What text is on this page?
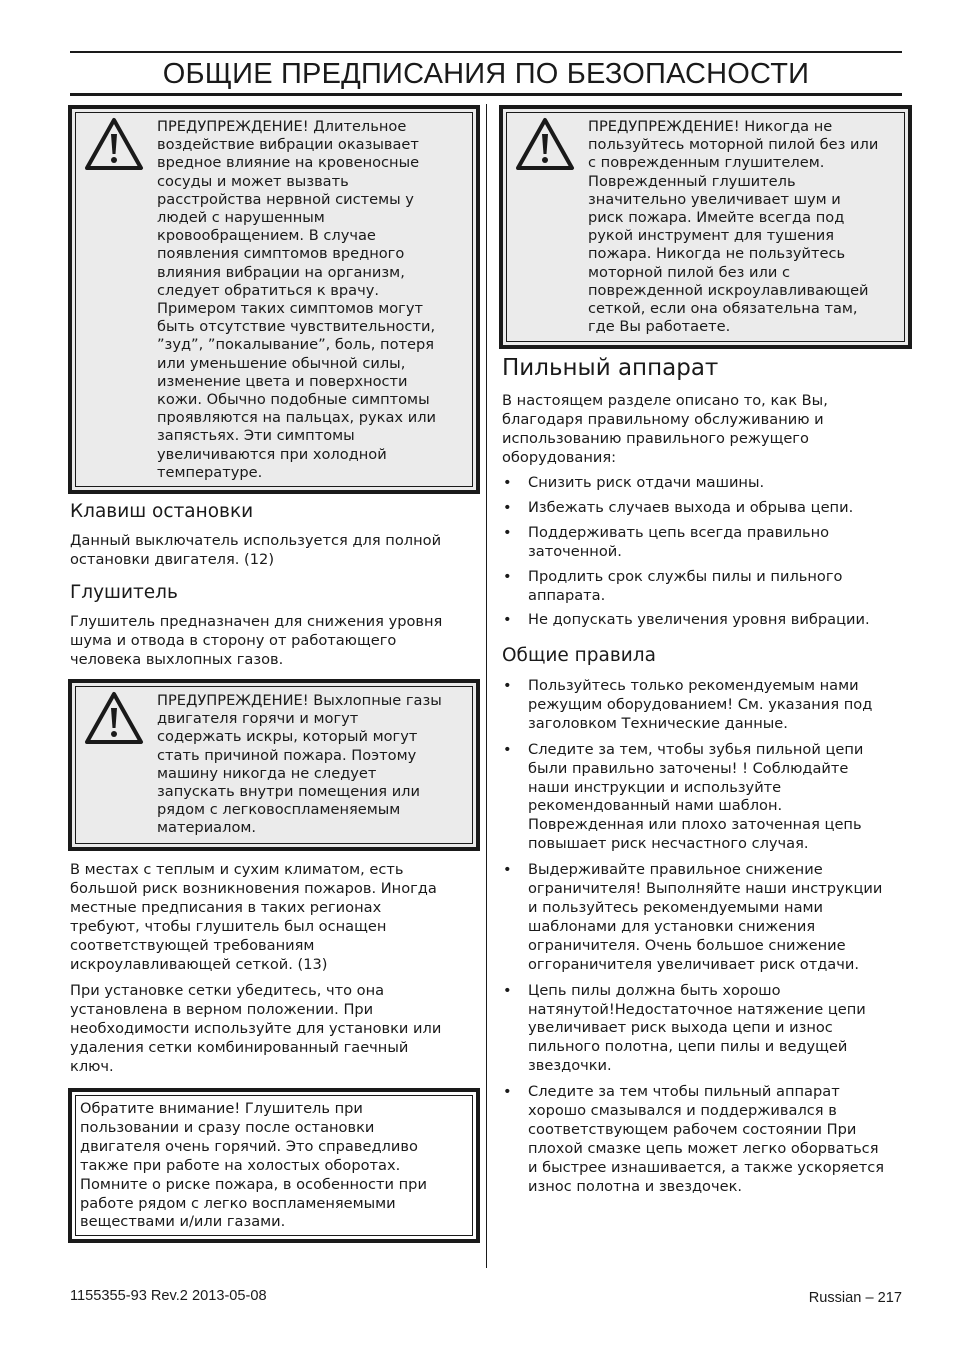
ОБЩИЕ ПРЕДПИСАНИЯ ПО БЕЗОПАСНОСТИ
ПРЕДУПРЕЖДЕНИЕ! Длительное
воздействие вибрации оказывает
вредное влияние на кровеносные
сосуды и может вызвать
расстройства нервной системы у
людей с нарушенным
кровообращением. В случае
появления симптомов вредного
влияния вибрации на организм,
следует обратиться к врачу.
Примером таких симптомов могут
быть отсутствие чувствительности,
”зуд”, ”покалывание”, боль, потеря
или уменьшение обычной силы,
изменение цвета и поверхности
кожи. Обычно подобные симптомы
проявляются на пальцах, руках или
запястьях. Эти симптомы
увеличиваются при холодной
температуре.
Клавиш остановки
Данный выключатель используется для полной
остановки двигателя. (12)
Глушитель
Глушитель предназначен для снижения уровня
шума и отвода в сторону от работающего
человека выхлопных газов.
ПРЕДУПРЕЖДЕНИЕ! Выхлопные газы
двигателя горячи и могут
содержать искры, который могут
стать причиной пожара. Поэтому
машину никогда не следует
запускать внутри помещения или
рядом с легковоспламеняемым
материалом.
В местах с теплым и сухим климатом, есть
большой риск возникновения пожаров. Иногда
местные предписания в таких регионах
требуют, чтобы глушитель был оснащен
соответствующей требованиям
искроулавливающей сеткой. (13)
При установке сетки убедитесь, что она
установлена в верном положении. При
необходимости используйте для установки или
удаления сетки комбинированный гаечный
ключ.
Обратите внимание! Глушитель при
пользовании и сразу после остановки
двигателя очень горячий. Это справедливо
также при работе на холостых оборотах.
Помните о риске пожара, в особенности при
работе рядом с легко воспламеняемыми
веществами и/или газами.
ПРЕДУПРЕЖДЕНИЕ! Никогда не
пользуйтесь моторной пилой без или
с поврежденным глушителем.
Поврежденный глушитель
значительно увеличивает шум и
риск пожара. Имейте всегда под
рукой инструмент для тушения
пожара. Никогда не пользуйтесь
моторной пилой без или с
поврежденной искроулавливающей
сеткой, если она обязательна там,
где Вы работаете.
Пильный аппарат
В настоящем разделе описано то, как Вы,
благодаря правильному обслуживанию и
использованию правильного режущего
оборудования:
• Снизить риск отдачи машины.
• Избежать случаев выхода и обрыва цепи.
• Поддерживать цепь всегда правильно
заточенной.
• Продлить срок службы пилы и пильного
аппарата.
• Не допускать увеличения уровня вибрации.
Общие правила
• Пользуйтесь только рекомендуемым нами
режущим оборудованием! См. указания под
заголовком Технические данные.
• Следите за тем, чтобы зубья пильной цепи
были правильно заточены! ! Соблюдайте
наши инструкции и используйте
рекомендованный нами шаблон.
Поврежденная или плохо заточенная цепь
повышает риск несчастного случая.
• Выдерживайте правильное снижение
ограничителя! Выполняйте наши инструкции
и пользуйтесь рекомендуемыми нами
шаблонами для установки снижения
ограничителя. Очень большое снижение
оггораничителя увеличивает риск отдачи.
• Цепь пилы должна быть хорошо
натянутой!Недостаточное натяжение цепи
увеличивает риск выхода цепи и износ
пильного полотна, цепи пилы и ведущей
звездочки.
• Следите за тем чтобы пильный аппарат
хорошо смазывался и поддерживался в
соответствующем рабочем состоянии При
плохой смазке цепь может легко оборваться
и быстрее изнашивается, а также ускоряется
износ полотна и звездочек.
1155355-93 Rev.2 2013-05-08	Russian – 217
